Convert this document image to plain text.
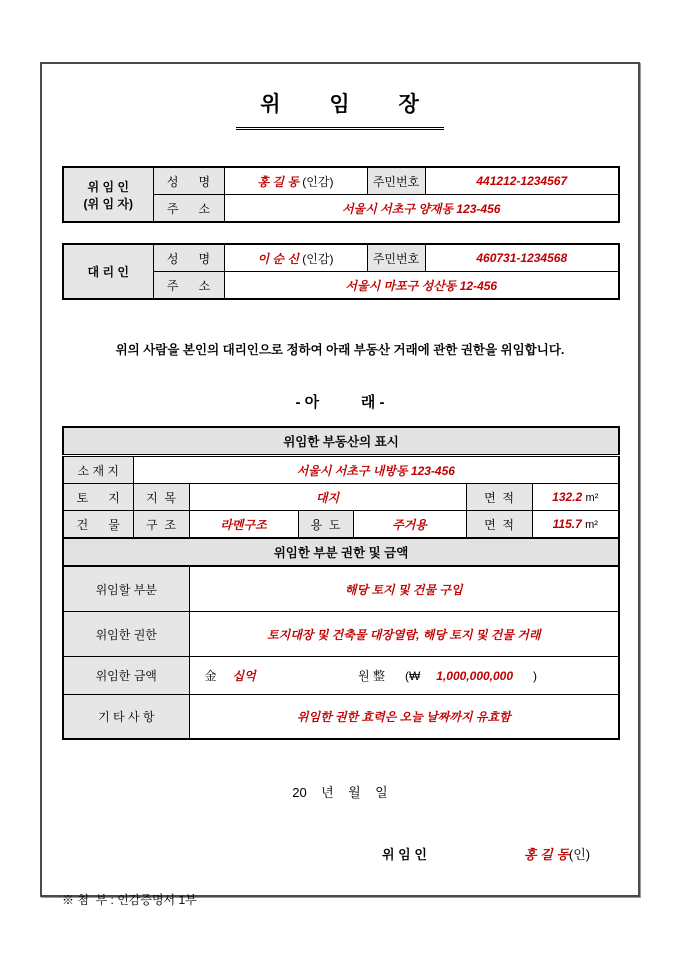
위       임       장
위 임 인
(위 임 자)	성      명	홍 길 동 (인감)	주민번호	441212-1234567
	주      소	서울시 서초구 양재동 123-456		
대 리 인	성      명	이 순 신 (인감)	주민번호	460731-1234568
	주      소	서울시 마포구 성산동 12-456		
위의 사람을 본인의 대리인으로 정하여 아래 부동산 거래에 관한 권한을 위임합니다.
- 아          래 -
위임한 부동산의 표시						
소 재 지	서울시 서초구 내방동 123-456					
토      지	지  목	대지			면  적	132.2 m²
건      물	구  조	라멘구조	용  도	주거용	면  적	115.7 m²
위임한 부분 권한 및 금액						
위임할 부분		해당 토지 및 건물 구입				
위임한 권한		토지대장 및 건축물 대장열람, 해당 토지 및 건물 거래				
위임한 금액	金 십억	원 整 (₩ 1,000,000,000 )

기 타 사 항		위임한 권한 효력은 오늘 날짜까지 유효함				
20    년    월    일
위 임 인	홍 길 동(인)
※ 첨  부 : 인감증명서 1부
